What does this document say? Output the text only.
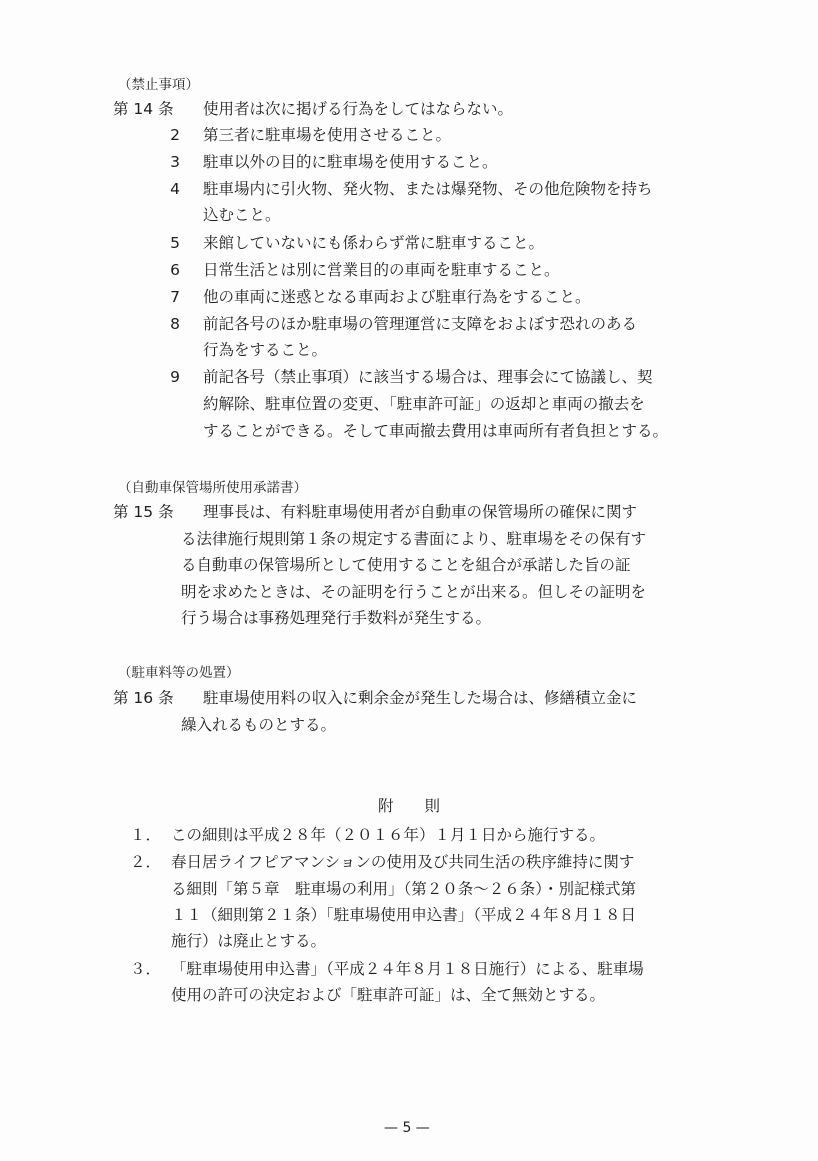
（禁止事項）
第 14 条 使用者は次に掲げる行為をしてはならない。
2 第三者に駐車場を使用させること。
3 駐車以外の目的に駐車場を使用すること。
4 駐車場内に引火物、発火物、または爆発物、その他危険物を持ち
込むこと。
5 来館していないにも係わらず常に駐車すること。
6 日常生活とは別に営業目的の車両を駐車すること。
7 他の車両に迷惑となる車両および駐車行為をすること。
8 前記各号のほか駐車場の管理運営に支障をおよぼす恐れのある
行為をすること。
9 前記各号（禁止事項）に該当する場合は、理事会にて協議し、契
約解除、駐車位置の変更、「駐車許可証」の返却と車両の撤去を
することができる。そして車両撤去費用は車両所有者負担とする。
（自動車保管場所使用承諾書）
第 15 条 理事長は、有料駐車場使用者が自動車の保管場所の確保に関す
る法律施行規則第１条の規定する書面により、駐車場をその保有す
る自動車の保管場所として使用することを組合が承諾した旨の証
明を求めたときは、その証明を行うことが出来る。但しその証明を
行う場合は事務処理発行手数料が発生する。
（駐車料等の処置）
第 16 条 駐車場使用料の収入に剰余金が発生した場合は、修繕積立金に
繰入れるものとする。
附　　則
１． この細則は平成２８年（２０１６年）１月１日から施行する。
２． 春日居ライフピアマンションの使用及び共同生活の秩序維持に関す
る細則「第５章　駐車場の利用」（第２０条～２６条）・別記様式第
１１（細則第２１条）「駐車場使用申込書」（平成２４年８月１８日
施行）は廃止とする。
３． 「駐車場使用申込書」（平成２４年８月１８日施行）による、駐車場
使用の許可の決定および「駐車許可証」は、全て無効とする。
— 5 —
